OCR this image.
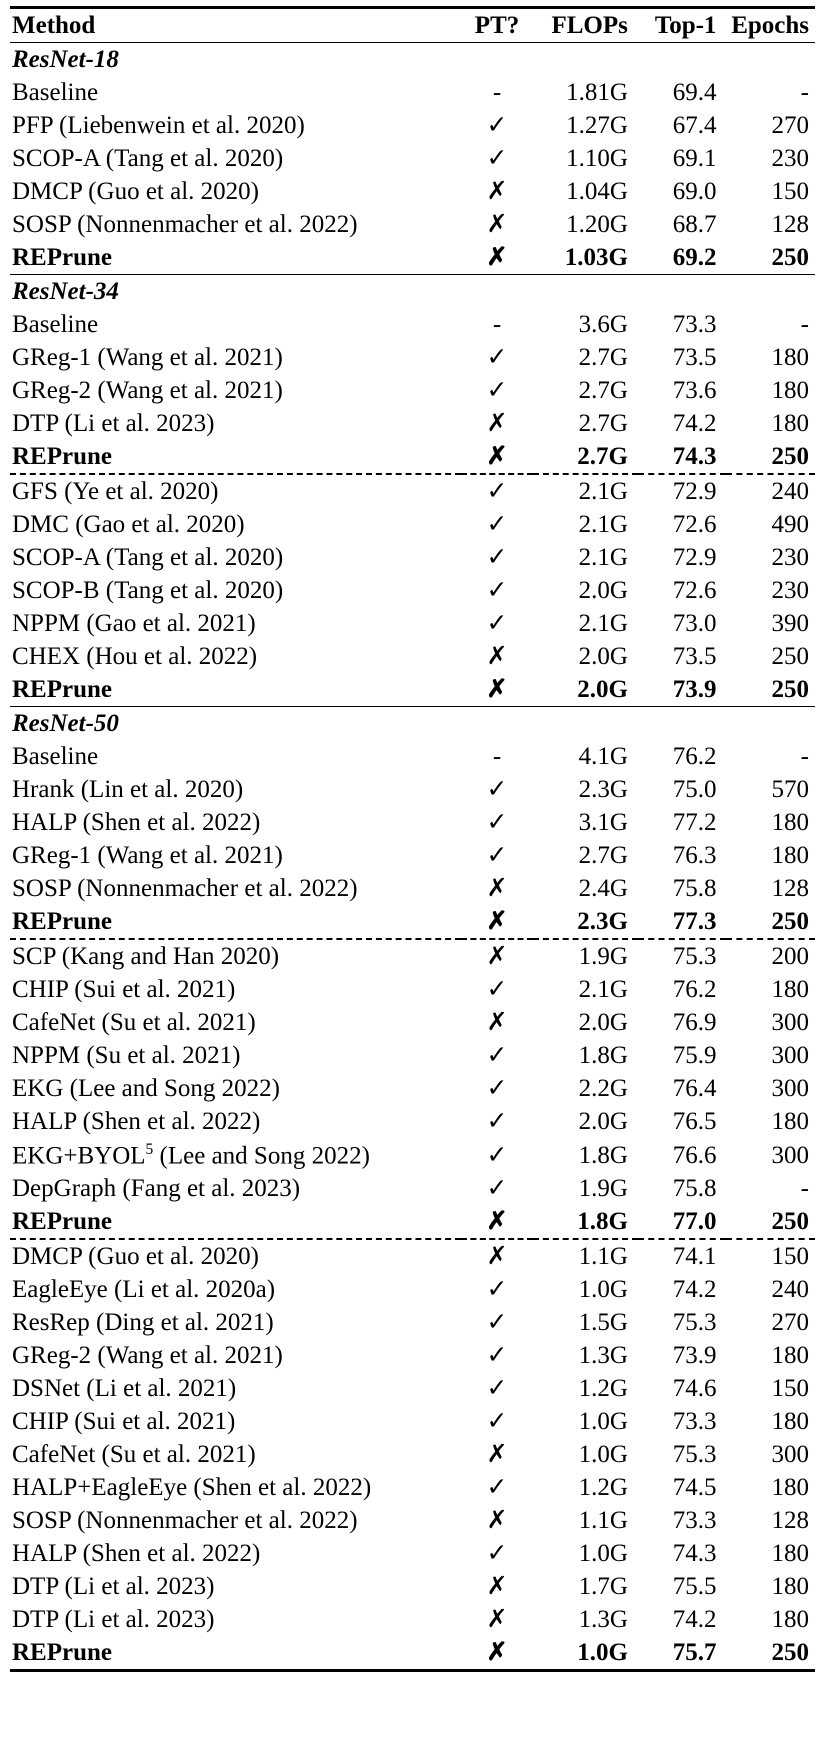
Method	PT?	FLOPs	Top-1	Epochs
ResNet-18				
Baseline	-	1.81G	69.4	-
PFP (Liebenwein et al. 2020)	✓	1.27G	67.4	270
SCOP-A (Tang et al. 2020)	✓	1.10G	69.1	230
DMCP (Guo et al. 2020)	✗	1.04G	69.0	150
SOSP (Nonnenmacher et al. 2022)	✗	1.20G	68.7	128
REPrune	✗	1.03G	69.2	250
ResNet-34				
Baseline	-	3.6G	73.3	-
GReg-1 (Wang et al. 2021)	✓	2.7G	73.5	180
GReg-2 (Wang et al. 2021)	✓	2.7G	73.6	180
DTP (Li et al. 2023)	✗	2.7G	74.2	180
REPrune	✗	2.7G	74.3	250
GFS (Ye et al. 2020)	✓	2.1G	72.9	240
DMC (Gao et al. 2020)	✓	2.1G	72.6	490
SCOP-A (Tang et al. 2020)	✓	2.1G	72.9	230
SCOP-B (Tang et al. 2020)	✓	2.0G	72.6	230
NPPM (Gao et al. 2021)	✓	2.1G	73.0	390
CHEX (Hou et al. 2022)	✗	2.0G	73.5	250
REPrune	✗	2.0G	73.9	250
ResNet-50				
Baseline	-	4.1G	76.2	-
Hrank (Lin et al. 2020)	✓	2.3G	75.0	570
HALP (Shen et al. 2022)	✓	3.1G	77.2	180
GReg-1 (Wang et al. 2021)	✓	2.7G	76.3	180
SOSP (Nonnenmacher et al. 2022)	✗	2.4G	75.8	128
REPrune	✗	2.3G	77.3	250
SCP (Kang and Han 2020)	✗	1.9G	75.3	200
CHIP (Sui et al. 2021)	✓	2.1G	76.2	180
CafeNet (Su et al. 2021)	✗	2.0G	76.9	300
NPPM (Su et al. 2021)	✓	1.8G	75.9	300
EKG (Lee and Song 2022)	✓	2.2G	76.4	300
HALP (Shen et al. 2022)	✓	2.0G	76.5	180
$EKG+BYOL^5$ (Lee and Song 2022)	✓	1.8G	76.6	300
DepGraph (Fang et al. 2023)	✓	1.9G	75.8	-
REPrune	✗	1.8G	77.0	250
DMCP (Guo et al. 2020)	✗	1.1G	74.1	150
EagleEye (Li et al. 2020a)	✓	1.0G	74.2	240
ResRep (Ding et al. 2021)	✓	1.5G	75.3	270
GReg-2 (Wang et al. 2021)	✓	1.3G	73.9	180
DSNet (Li et al. 2021)	✓	1.2G	74.6	150
CHIP (Sui et al. 2021)	✓	1.0G	73.3	180
CafeNet (Su et al. 2021)	✗	1.0G	75.3	300
HALP+EagleEye (Shen et al. 2022)	✓	1.2G	74.5	180
SOSP (Nonnenmacher et al. 2022)	✗	1.1G	73.3	128
HALP (Shen et al. 2022)	✓	1.0G	74.3	180
DTP (Li et al. 2023)	✗	1.7G	75.5	180
DTP (Li et al. 2023)	✗	1.3G	74.2	180
REPrune	✗	1.0G	75.7	250
